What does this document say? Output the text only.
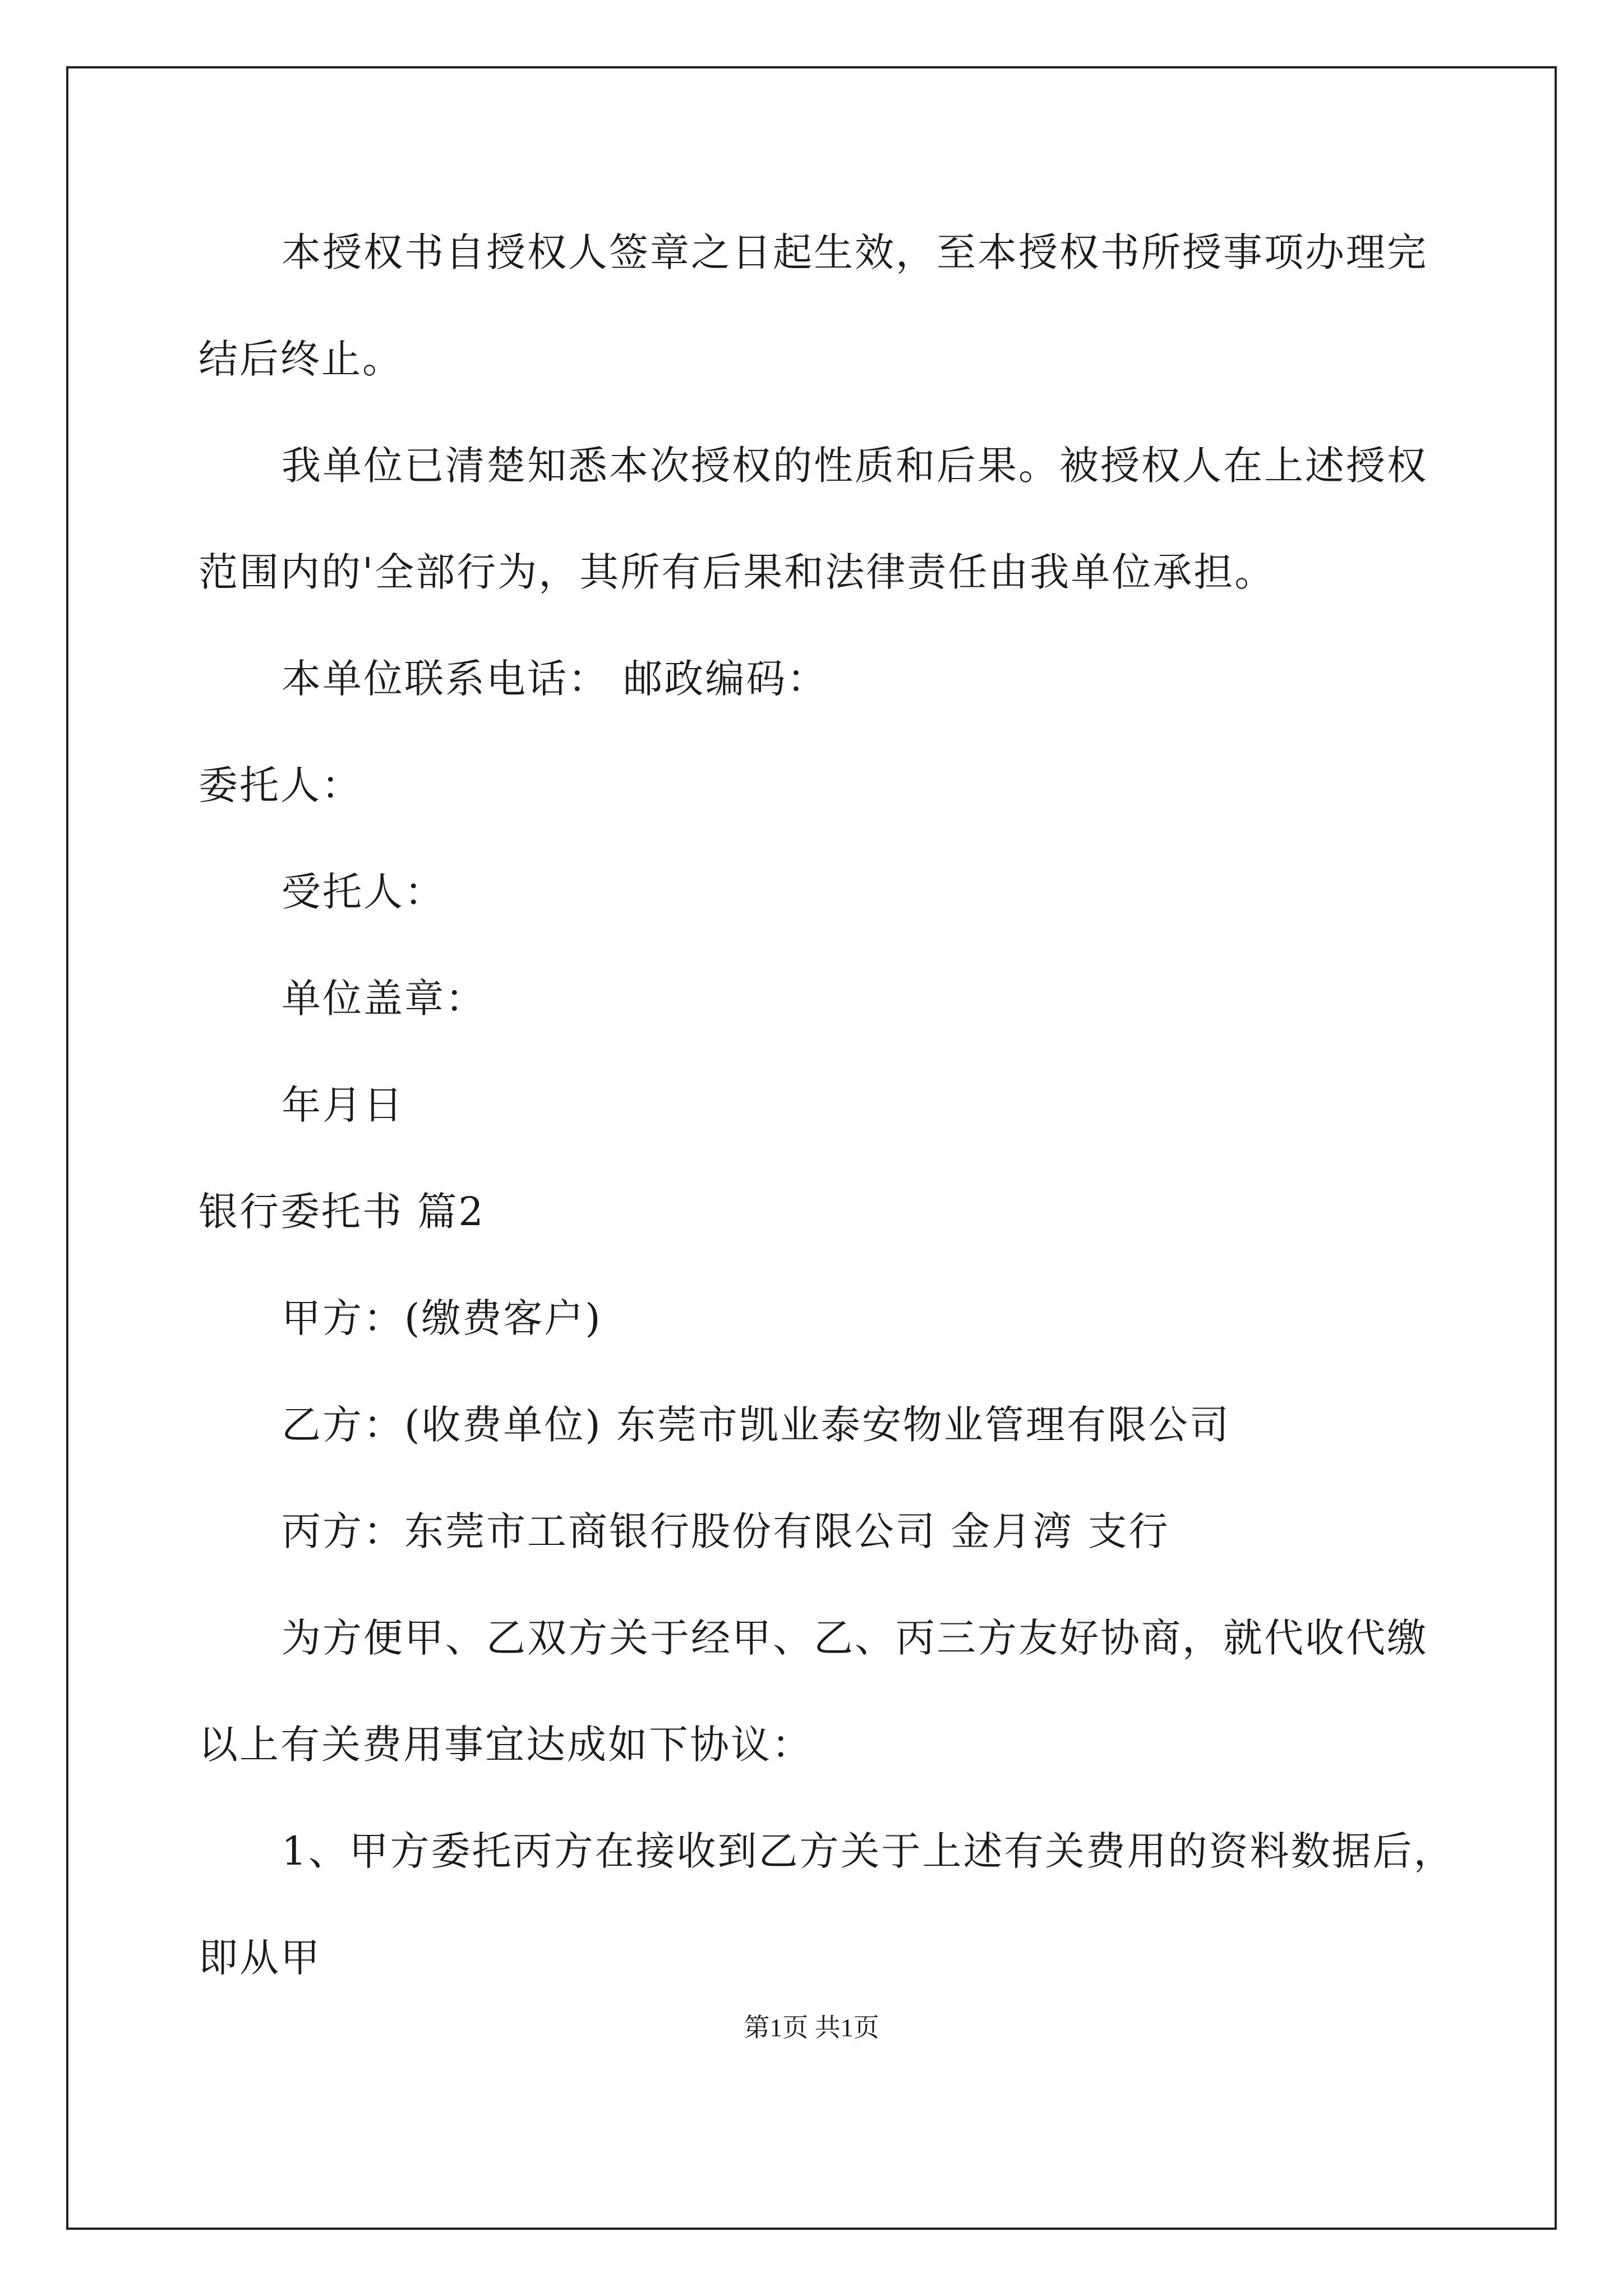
本授权书自授权人签章之日起生效，至本授权书所授事项办理完
结后终止。
我单位已清楚知悉本次授权的性质和后果。被授权人在上述授权
范围内的'全部行为，其所有后果和法律责任由我单位承担。
本单位联系电话： 邮政编码：
委托人：
受托人：
单位盖章：
年月日
银行委托书 篇2
甲方：(缴费客户)
乙方：(收费单位) 东莞市凯业泰安物业管理有限公司
丙方：东莞市工商银行股份有限公司 金月湾 支行
为方便甲、乙双方关于经甲、乙、丙三方友好协商，就代收代缴
以上有关费用事宜达成如下协议：
1、甲方委托丙方在接收到乙方关于上述有关费用的资料数据后，
即从甲
第1页 共1页
